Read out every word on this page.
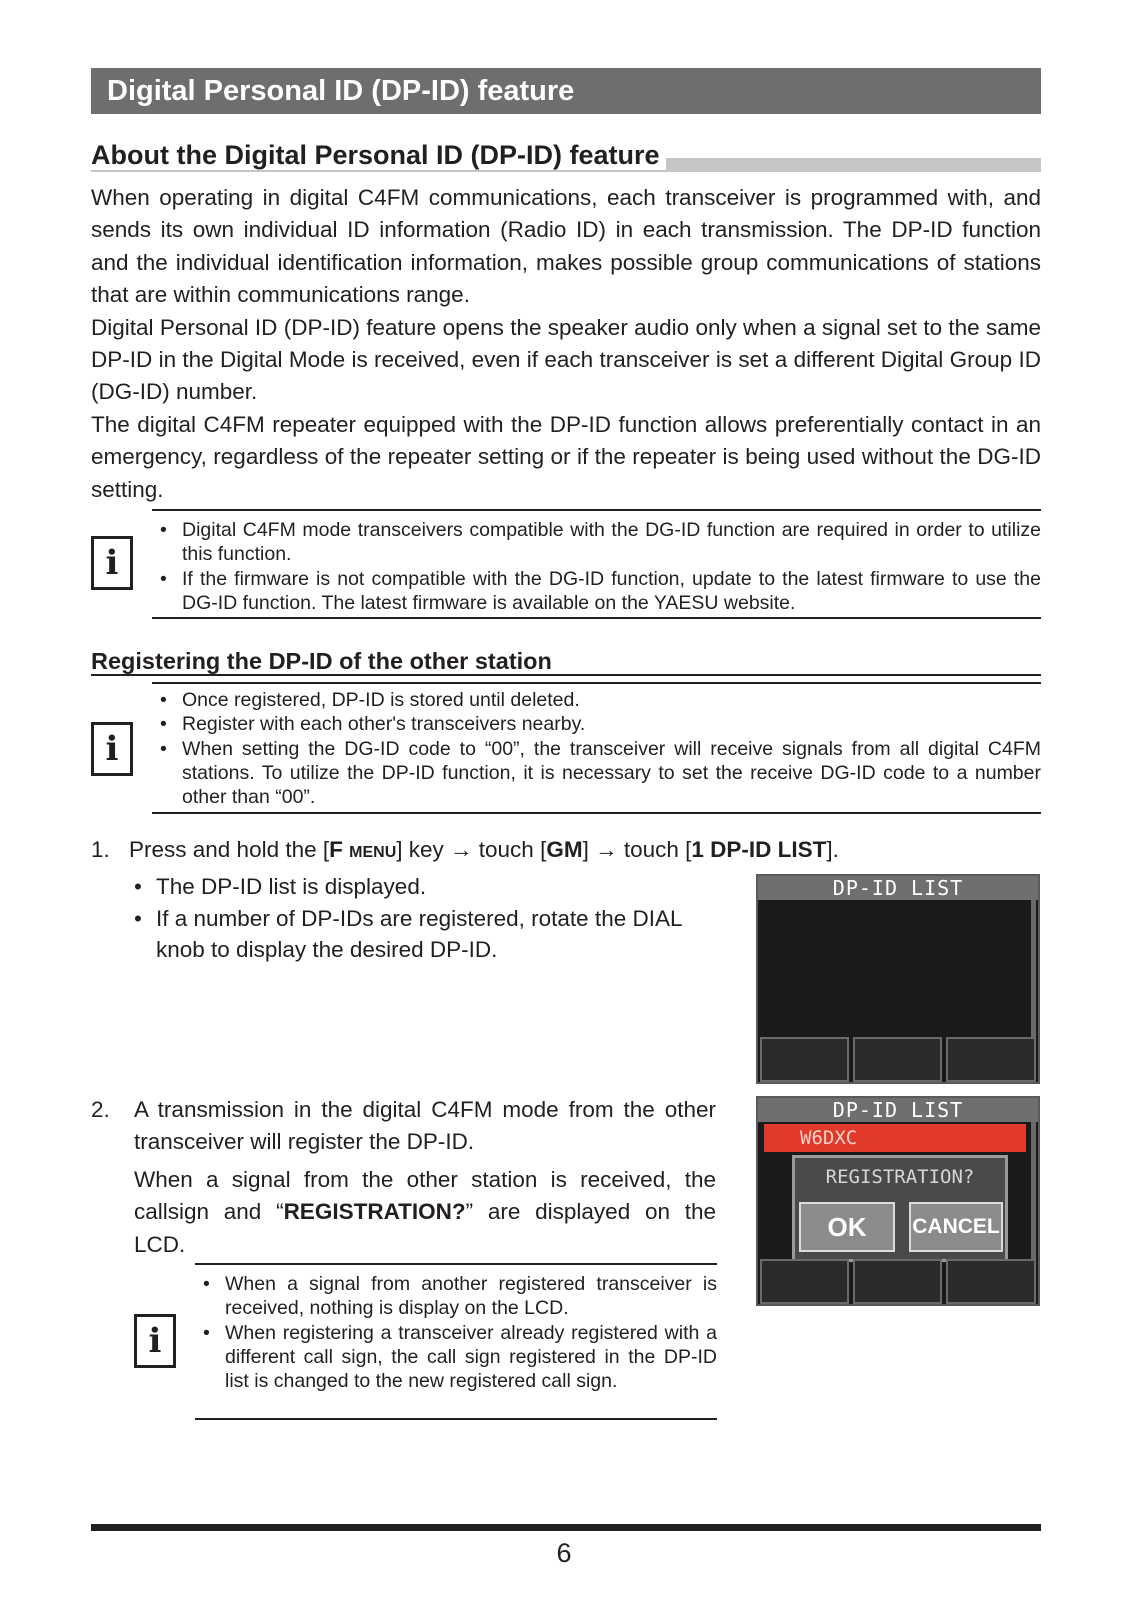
Digital Personal ID (DP-ID) feature
About the Digital Personal ID (DP-ID) feature

When operating in digital C4FM communications, each transceiver is programmed with, and sends its own individual ID information (Radio ID) in each transmission. The DP-ID function and the individual identification information, makes possible group communications of stations that are within communications range.

Digital Personal ID (DP-ID) feature opens the speaker audio only when a signal set to the same DP-ID in the Digital Mode is received, even if each transceiver is set a different Digital Group ID (DG-ID) number.

The digital C4FM repeater equipped with the DP-ID function allows preferentially contact in an emergency, regardless of the repeater setting or if the repeater is being used without the DG-ID setting.

i
• Digital C4FM mode transceivers compatible with the DG-ID function are required in order to utilize this function.
• If the firmware is not compatible with the DG-ID function, update to the latest firmware to use the DG-ID function. The latest firmware is available on the YAESU website.
Registering the DP-ID of the other station
i
• Once registered, DP-ID is stored until deleted.
• Register with each other's transceivers nearby.
• When setting the DG-ID code to “00”, the transceiver will receive signals from all digital C4FM stations. To utilize the DP-ID function, it is necessary to set the receive DG-ID code to a number other than “00”.
1. Press and hold the [F MENU] key → touch [GM] → touch [1 DP-ID LIST].
• The DP-ID list is displayed.
• If a number of DP-IDs are registered, rotate the DIAL knob to display the desired DP-ID.
DP-ID LIST
2.	A transmission in the digital C4FM mode from the other transceiver will register the DP-ID.
When a signal from the other station is received, the callsign and “REGISTRATION?” are displayed on the LCD.
i
• When a signal from another registered transceiver is received, nothing is display on the LCD.
• When registering a transceiver already registered with a different call sign, the call sign registered in the DP-ID list is changed to the new registered call sign.
DP-ID LIST
W6DXC
REGISTRATION?
OK	CANCEL
6
